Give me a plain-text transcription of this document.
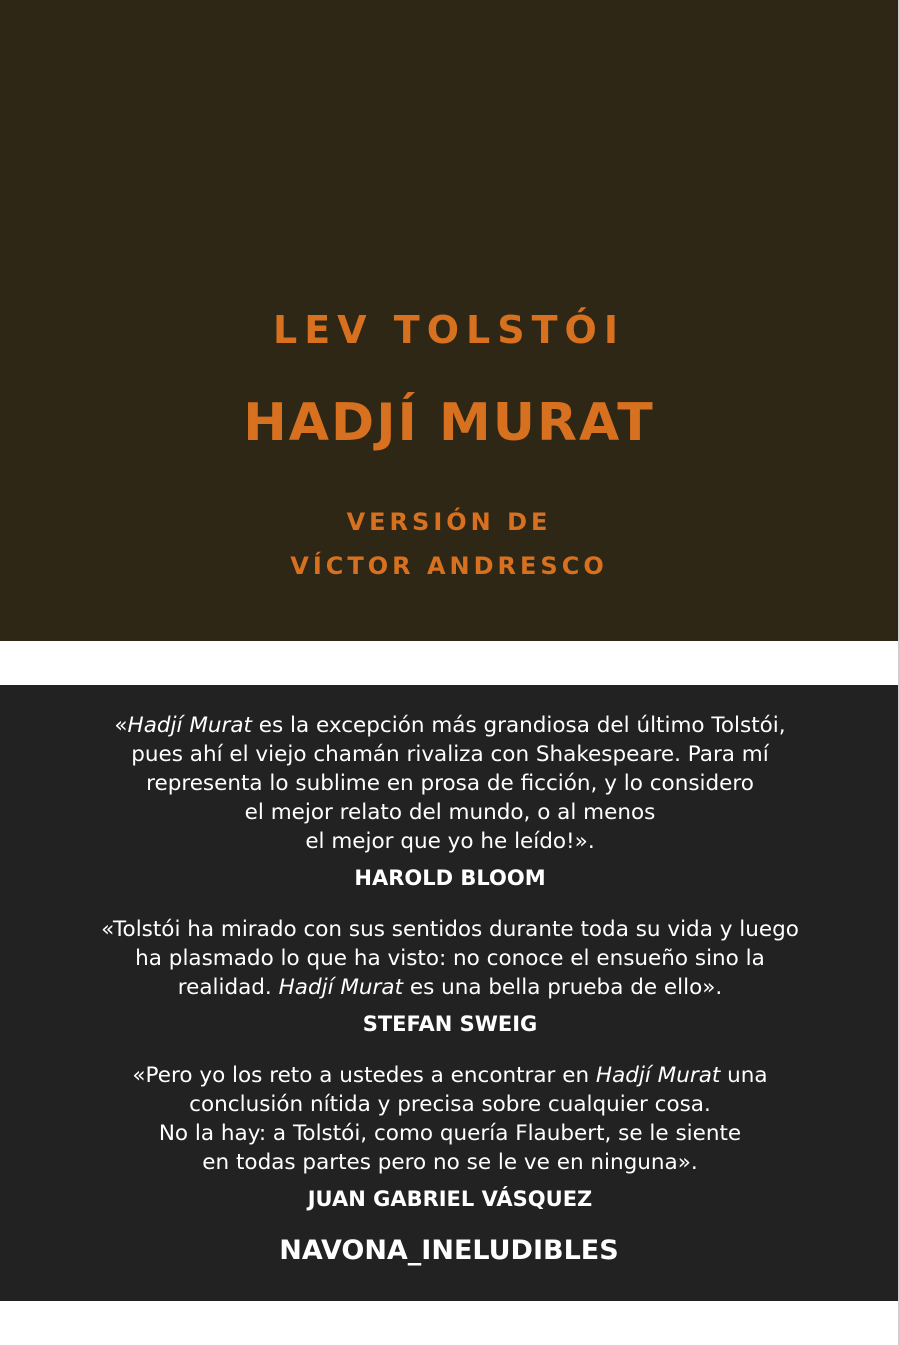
LEV TOLSTÓI
HADJÍ MURAT
VERSIÓN DE
VÍCTOR ANDRESCO
«Hadjí Murat es la excepción más grandiosa del último Tolstói,
pues ahí el viejo chamán rivaliza con Shakespeare. Para mí
representa lo sublime en prosa de ficción, y lo considero
el mejor relato del mundo, o al menos
el mejor que yo he leído!».
HAROLD BLOOM
«Tolstói ha mirado con sus sentidos durante toda su vida y luego
ha plasmado lo que ha visto: no conoce el ensueño sino la
realidad. Hadjí Murat es una bella prueba de ello».
STEFAN SWEIG
«Pero yo los reto a ustedes a encontrar en Hadjí Murat una
conclusión nítida y precisa sobre cualquier cosa.
No la hay: a Tolstói, como quería Flaubert, se le siente
en todas partes pero no se le ve en ninguna».
JUAN GABRIEL VÁSQUEZ
NAVONA_INELUDIBLES
